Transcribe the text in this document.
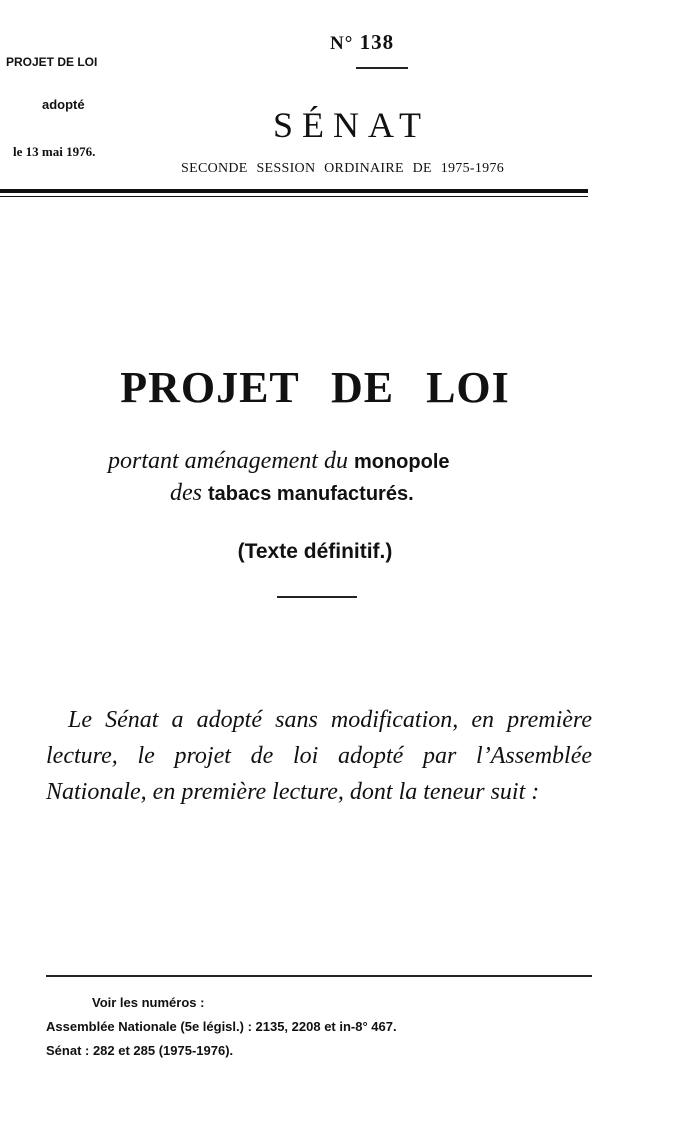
N° 138
PROJET DE LOI
adopté
le 13 mai 1976.
SÉNAT
SECONDE SESSION ORDINAIRE DE 1975-1976
PROJET DE LOI
portant aménagement du monopole
des tabacs manufacturés.
(Texte définitif.)
Le Sénat a adopté sans modification, en première lecture, le projet de loi adopté par l’Assemblée Nationale, en première lecture, dont la teneur suit :
Voir les numéros :
Assemblée Nationale (5e législ.) : 2135, 2208 et in-8° 467.
Sénat : 282 et 285 (1975-1976).
